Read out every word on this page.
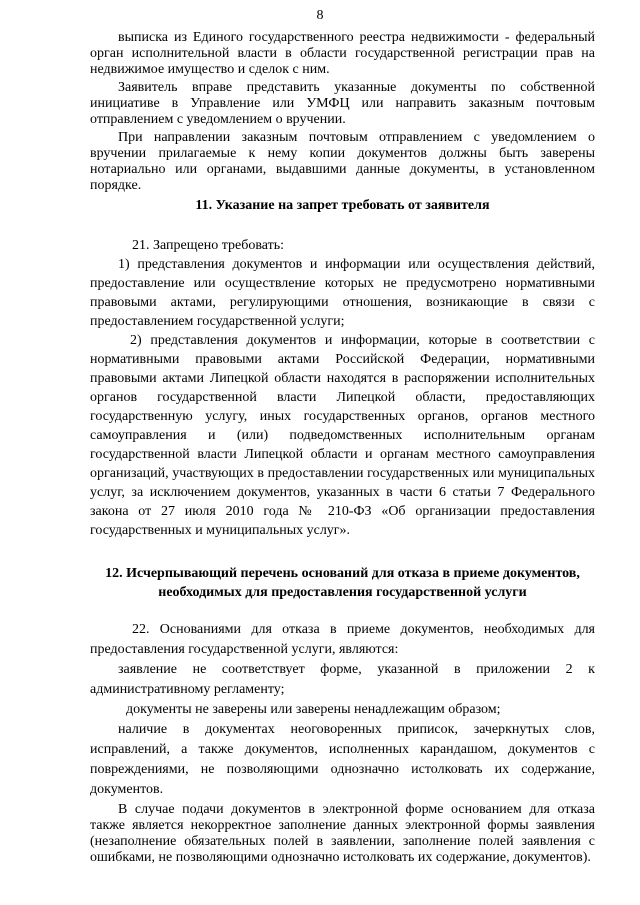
8

выписка из Единого государственного реестра недвижимости - федеральный орган исполнительной власти в области государственной регистрации прав на недвижимое имущество и сделок с ним.

Заявитель вправе представить указанные документы по собственной инициативе в Управление или УМФЦ или направить заказным почтовым отправлением с уведомлением о вручении.

При направлении заказным почтовым отправлением с уведомлением о вручении прилагаемые к нему копии документов должны быть заверены нотариально или органами, выдавшими данные документы, в установленном порядке.

11. Указание на запрет требовать от заявителя

21. Запрещено требовать:

1) представления документов и информации или осуществления действий, предоставление или осуществление которых не предусмотрено нормативными правовыми актами, регулирующими отношения, возникающие в связи с предоставлением государственной услуги;

2) представления документов и информации, которые в соответствии с нормативными правовыми актами Российской Федерации, нормативными правовыми актами Липецкой области находятся в распоряжении исполнительных органов государственной власти Липецкой области, предоставляющих государственную услугу, иных государственных органов, органов местного самоуправления и (или) подведомственных исполнительным органам государственной власти Липецкой области и органам местного самоуправления организаций, участвующих в предоставлении государственных или муниципальных услуг, за исключением документов, указанных в части 6 статьи 7 Федерального закона от 27 июля 2010 года № 210-ФЗ «Об организации предоставления государственных и муниципальных услуг».

12. Исчерпывающий перечень оснований для отказа в приеме документов, необходимых для предоставления государственной услуги

22. Основаниями для отказа в приеме документов, необходимых для предоставления государственной услуги, являются:

заявление не соответствует форме, указанной в приложении 2 к административному регламенту;

документы не заверены или заверены ненадлежащим образом;

наличие в документах неоговоренных приписок, зачеркнутых слов, исправлений, а также документов, исполненных карандашом, документов с повреждениями, не позволяющими однозначно истолковать их содержание, документов.

В случае подачи документов в электронной форме основанием для отказа также является некорректное заполнение данных электронной формы заявления (незаполнение обязательных полей в заявлении, заполнение полей заявления с ошибками, не позволяющими однозначно истолковать их содержание, документов).
